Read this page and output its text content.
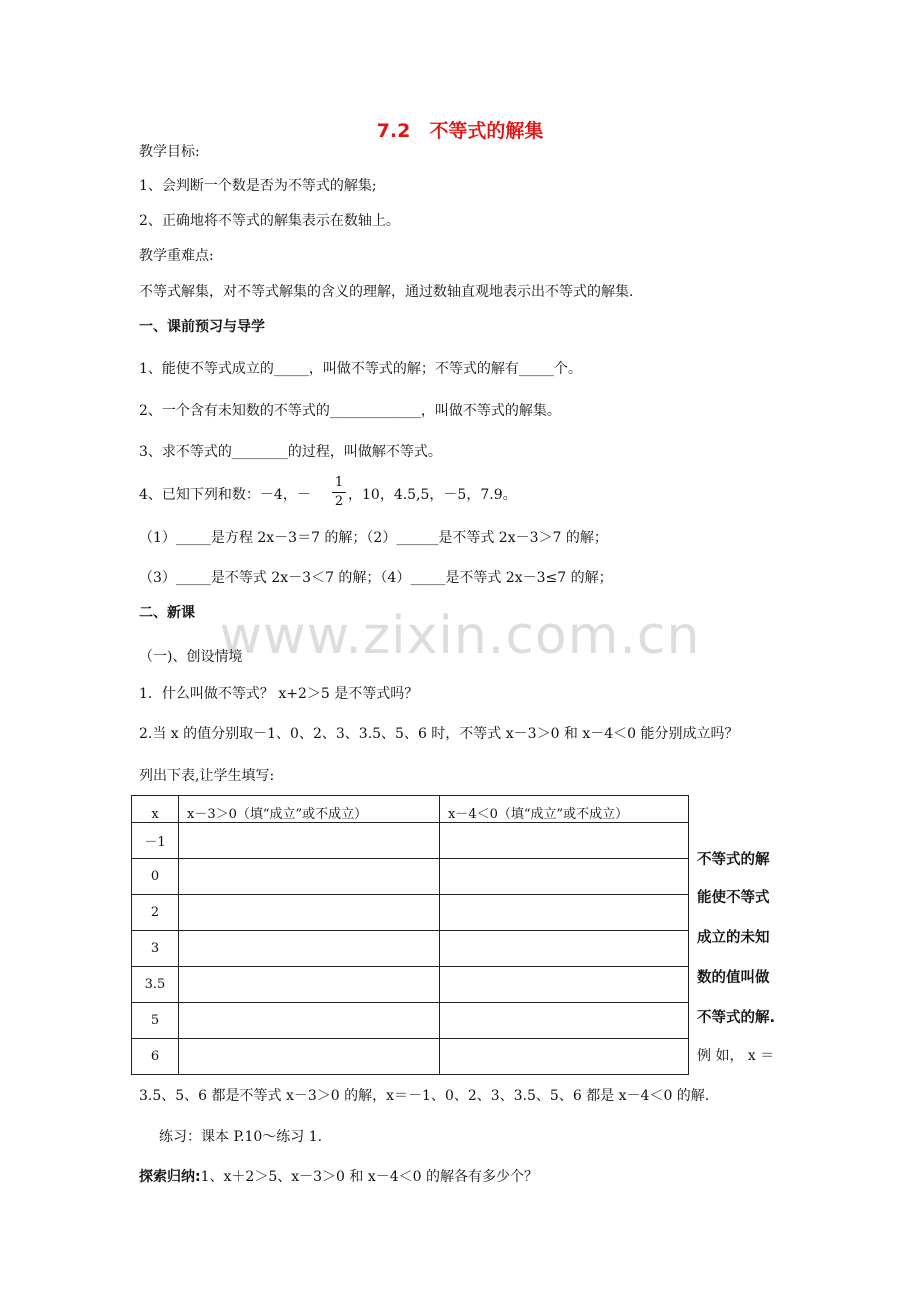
7.2　不等式的解集
教学目标:
1、会判断一个数是否为不等式的解集;
2、正确地将不等式的解集表示在数轴上。
教学重难点:
不等式解集，对不等式解集的含义的理解，通过数轴直观地表示出不等式的解集.
一、课前预习与导学
1、能使不等式成立的_____，叫做不等式的解；不等式的解有_____个。
2、一个含有未知数的不等式的_____________，叫做不等式的解集。
3、求不等式的________的过程，叫做解不等式。
4、已知下列和数：－4，－
1
2 ，10，4.5,5，－5，7.9。
（1）_____是方程 2x－3＝7 的解；（2）______是不等式 2x－3＞7 的解；
（3）_____是不等式 2x－3＜7 的解；（4）_____是不等式 2x－3≤7 的解；
二、新课 www.zixin.com.cn
（一)、创设情境
1．什么叫做不等式？ x+2＞5 是不等式吗？
2.当 x 的值分别取－1、0、2、3、3.5、5、6 时，不等式 x－3＞0 和 x－4＜0 能分别成立吗？
列出下表,让学生填写:
x	x－3＞0（填“成立”或不成立）	x－4＜0（填“成立”或不成立）
－1		
0		
2		
3		
3.5		
5		
6		
不等式的解
能使不等式
成立的未知
数的值叫做
不等式的解.
例 如， x ＝
3.5、5、6 都是不等式 x－3＞0 的解，x＝－1、0、2、3、3.5、5、6 都是 x－4＜0 的解.
练习：课本 P.10～练习 1.
探索归纳:1、x＋2＞5、x－3＞0 和 x－4＜0 的解各有多少个？
